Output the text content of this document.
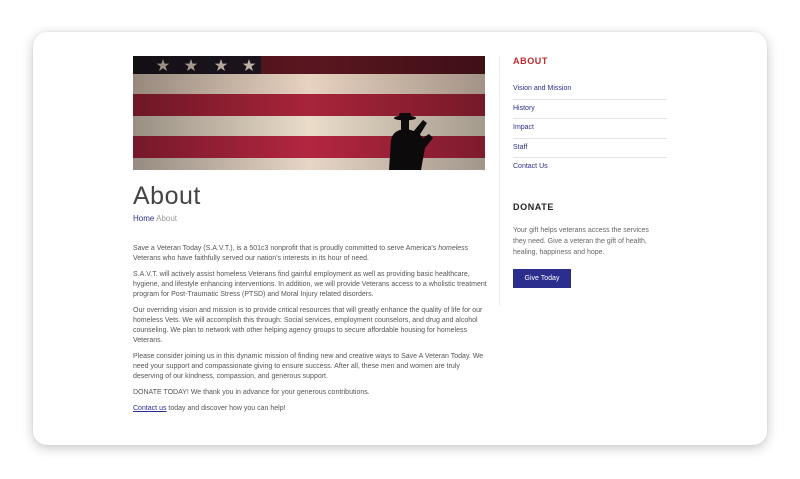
About
Home About

Save a Veteran Today (S.A.V.T.), is a 501c3 nonprofit that is proudly committed to serve America's homeless Veterans who have faithfully served our nation's interests in its hour of need.

S.A.V.T. will actively assist homeless Veterans find gainful employment as well as providing basic healthcare, hygiene, and lifestyle enhancing interventions. In addition, we will provide Veterans access to a wholistic treatment program for Post-Traumatic Stress (PTSD) and Moral Injury related disorders.

Our overriding vision and mission is to provide critical resources that will greatly enhance the quality of life for our homeless Vets. We will accomplish this through: Social services, employment counselors, and drug and alcohol counseling. We plan to network with other helping agency groups to secure affordable housing for homeless Veterans.

Please consider joining us in this dynamic mission of finding new and creative ways to Save A Veteran Today. We need your support and compassionate giving to ensure success. After all, these men and women are truly deserving of our kindness, compassion, and generous support.

DONATE TODAY! We thank you in advance for your generous contributions.

Contact us today and discover how you can help!

ABOUT
Vision and Mission
History
Impact
Staff
Contact Us
DONATE

Your gift helps veterans access the services they need. Give a veteran the gift of health, healing, happiness and hope.

Give Today
